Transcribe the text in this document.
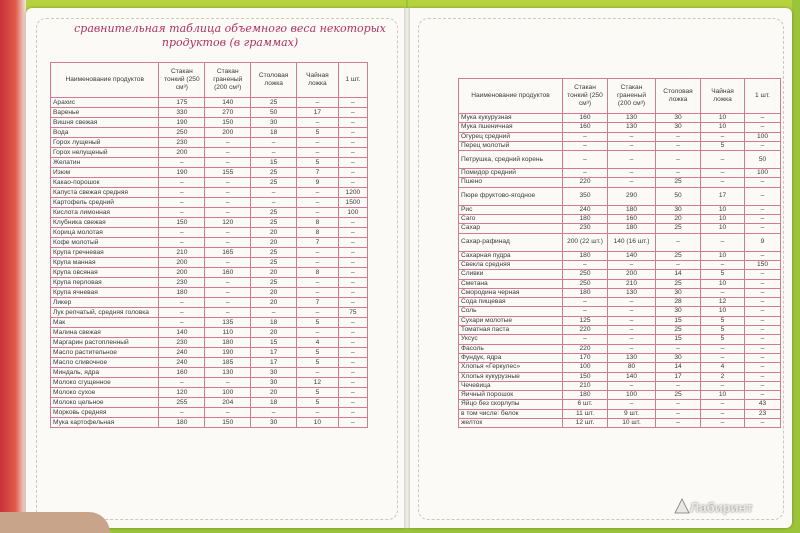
сравнительная таблица объемного веса некоторых продуктов (в граммах)
Наименование продуктов	Стакан тонкий (250 см³)	Стакан граненый (200 см³)	Столовая ложка	Чайная ложка	1 шт.
Арахис	175	140	25	–	–
Варенье	330	270	50	17	–
Вишня свежая	190	150	30	–	–
Вода	250	200	18	5	–
Горох лущеный	230	–	–	–	–
Горох нелущеный	200	–	–	–	–
Желатин	–	–	15	5	–
Изюм	190	155	25	7	–
Какао-порошок	–	–	25	9	–
Капуста свежая средняя	–	–	–	–	1200
Картофель средний	–	–	–	–	1500
Кислота лимонная	–	–	25	–	100
Клубника свежая	150	120	25	8	–
Корица молотая	–	–	20	8	–
Кофе молотый	–	–	20	7	–
Крупа гречневая	210	165	25	–	–
Крупа манная	200	–	25	–	–
Крупа овсяная	200	160	20	8	–
Крупа перловая	230	–	25	–	–
Крупа ячневая	180	–	20	–	–
Ликер	–	–	20	7	–
Лук репчатый, средняя головка	–	–	–	–	75
Мак	–	135	18	5	–
Малина свежая	140	110	20	–	–
Маргарин растопленный	230	180	15	4	–
Масло растительное	240	190	17	5	–
Масло сливочное	240	185	17	5	–
Миндаль, ядра	160	130	30	–	–
Молоко сгущенное	–	–	30	12	–
Молоко сухое	120	100	20	5	–
Молоко цельное	255	204	18	5	–
Морковь средняя	–	–	–	–	–
Мука картофельная	180	150	30	10	–
Наименование продуктов	Стакан тонкий (250 см³)	Стакан граненый (200 см³)	Столовая ложка	Чайная ложка	1 шт.
Мука кукурузная	160	130	30	10	–
Мука пшеничная	160	130	30	10	–
Огурец средний	–	–	–	–	100
Перец молотый	–	–	–	5	–
Петрушка, средний корень	–	–	–	–	50
Помидор средний	–	–	–	–	100
Пшено	220	–	25	–	–
Пюре фруктово-ягодное	350	290	50	17	–
Рис	240	180	30	10	–
Саго	180	160	20	10	–
Сахар	230	180	25	10	–
Сахар-рафинад	200 (22 шт.)	140 (16 шт.)	–	–	9
Сахарная пудра	180	140	25	10	–
Свекла средняя	–	–	–	–	150
Сливки	250	200	14	5	–
Сметана	250	210	25	10	–
Смородина черная	180	130	30	–	–
Сода пищевая	–	–	28	12	–
Соль	–	–	30	10	–
Сухари молотые	125	–	15	5	–
Томатная паста	220	–	25	5	–
Уксус	–	–	15	5	–
Фасоль	220	–	–	–	–
Фундук, ядра	170	130	30	–	–
Хлопья «Геркулес»	100	80	14	4	–
Хлопья кукурузные	150	140	17	2	–
Чечевица	210	–	–	–	–
Яичный порошок	180	100	25	10	–
Яйцо без скорлупы	6 шт.	–	–	–	43
в том числе: белок	11 шт.	9 шт.	–	–	23
желток	12 шт.	10 шт.	–	–	–
Лабиринт
